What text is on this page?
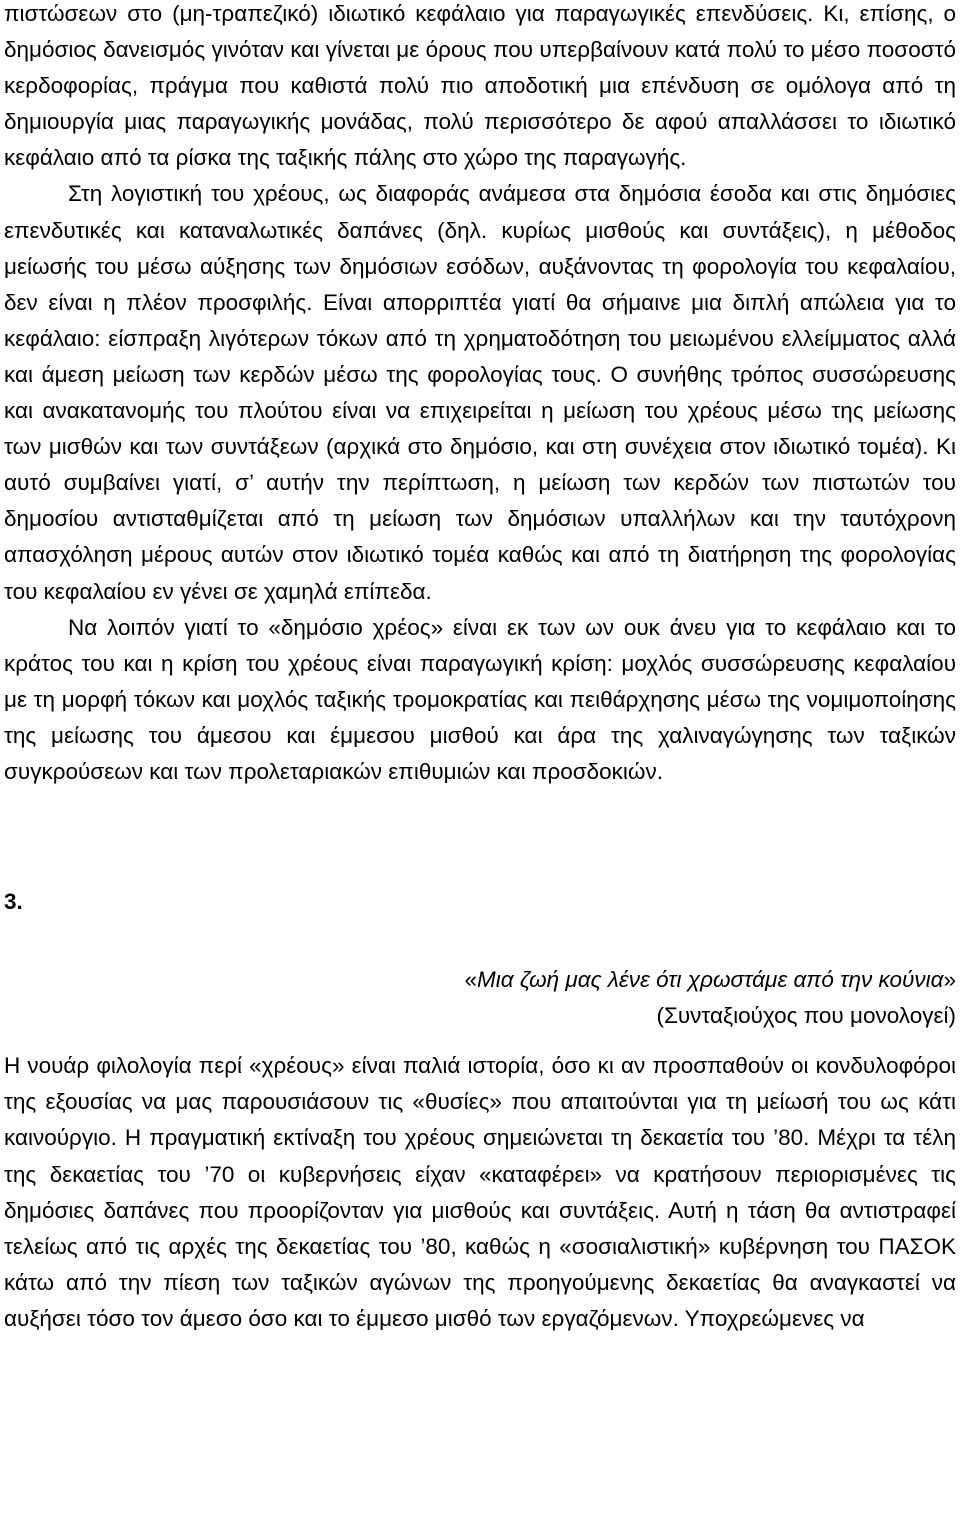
πιστώσεων στο (μη-τραπεζικό) ιδιωτικό κεφάλαιο για παραγωγικές επενδύσεις. Κι, επίσης, ο δημόσιος δανεισμός γινόταν και γίνεται με όρους που υπερβαίνουν κατά πολύ το μέσο ποσοστό κερδοφορίας, πράγμα που καθιστά πολύ πιο αποδοτική μια επένδυση σε ομόλογα από τη δημιουργία μιας παραγωγικής μονάδας, πολύ περισσότερο δε αφού απαλλάσσει το ιδιωτικό κεφάλαιο από τα ρίσκα της ταξικής πάλης στο χώρο της παραγωγής.

Στη λογιστική του χρέους, ως διαφοράς ανάμεσα στα δημόσια έσοδα και στις δημόσιες επενδυτικές και καταναλωτικές δαπάνες (δηλ. κυρίως μισθούς και συντάξεις), η μέθοδος μείωσής του μέσω αύξησης των δημόσιων εσόδων, αυξάνοντας τη φορολογία του κεφαλαίου, δεν είναι η πλέον προσφιλής. Είναι απορριπτέα γιατί θα σήμαινε μια διπλή απώλεια για το κεφάλαιο: είσπραξη λιγότερων τόκων από τη χρηματοδότηση του μειωμένου ελλείμματος αλλά και άμεση μείωση των κερδών μέσω της φορολογίας τους. Ο συνήθης τρόπος συσσώρευσης και ανακατανομής του πλούτου είναι να επιχειρείται η μείωση του χρέους μέσω της μείωσης των μισθών και των συντάξεων (αρχικά στο δημόσιο, και στη συνέχεια στον ιδιωτικό τομέα). Κι αυτό συμβαίνει γιατί, σ’ αυτήν την περίπτωση, η μείωση των κερδών των πιστωτών του δημοσίου αντισταθμίζεται από τη μείωση των δημόσιων υπαλλήλων και την ταυτόχρονη απασχόληση μέρους αυτών στον ιδιωτικό τομέα καθώς και από τη διατήρηση της φορολογίας του κεφαλαίου εν γένει σε χαμηλά επίπεδα.

Να λοιπόν γιατί το «δημόσιο χρέος» είναι εκ των ων ουκ άνευ για το κεφάλαιο και το κράτος του και η κρίση του χρέους είναι παραγωγική κρίση: μοχλός συσσώρευσης κεφαλαίου με τη μορφή τόκων και μοχλός ταξικής τρομοκρατίας και πειθάρχησης μέσω της νομιμοποίησης της μείωσης του άμεσου και έμμεσου μισθού και άρα της χαλιναγώγησης των ταξικών συγκρούσεων και των προλεταριακών επιθυμιών και προσδοκιών.

3.

«Μια ζωή μας λένε ότι χρωστάμε από την κούνια»

(Συνταξιούχος που μονολογεί)

Η νουάρ φιλολογία περί «χρέους» είναι παλιά ιστορία, όσο κι αν προσπαθούν οι κονδυλοφόροι της εξουσίας να μας παρουσιάσουν τις «θυσίες» που απαιτούνται για τη μείωσή του ως κάτι καινούργιο. Η πραγματική εκτίναξη του χρέους σημειώνεται τη δεκαετία του ’80. Μέχρι τα τέλη της δεκαετίας του ’70 οι κυβερνήσεις είχαν «καταφέρει» να κρατήσουν περιορισμένες τις δημόσιες δαπάνες που προορίζονταν για μισθούς και συντάξεις. Αυτή η τάση θα αντιστραφεί τελείως από τις αρχές της δεκαετίας του ’80, καθώς η «σοσιαλιστική» κυβέρνηση του ΠΑΣΟΚ κάτω από την πίεση των ταξικών αγώνων της προηγούμενης δεκαετίας θα αναγκαστεί να αυξήσει τόσο τον άμεσο όσο και το έμμεσο μισθό των εργαζόμενων. Υποχρεώμενες να
